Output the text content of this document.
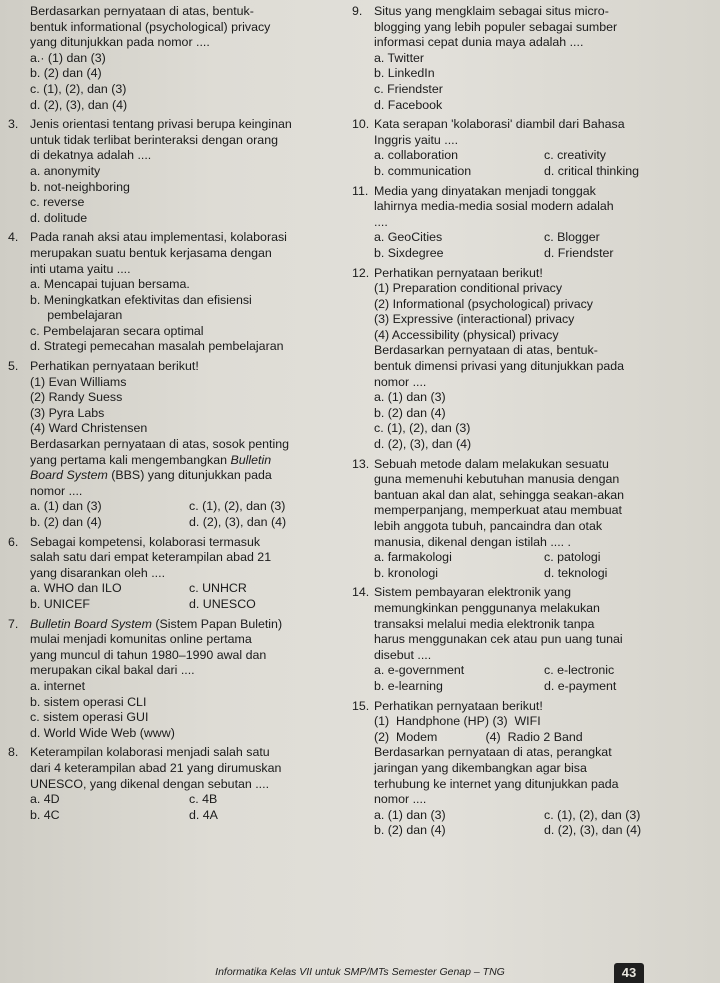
Berdasarkan pernyataan di atas, bentuk-
bentuk informational (psychological) privacy
yang ditunjukkan pada nomor ....
a.· (1) dan (3)
b. (2) dan (4)
c. (1), (2), dan (3)
d. (2), (3), dan (4)
3. Jenis orientasi tentang privasi berupa keinginan
untuk tidak terlibat berinteraksi dengan orang
di dekatnya adalah ....
a. anonymity
b. not-neighboring
c. reverse
d. dolitude
4. Pada ranah aksi atau implementasi, kolaborasi
merupakan suatu bentuk kerjasama dengan
inti utama yaitu ....
a. Mencapai tujuan bersama.
b. Meningkatkan efektivitas dan efisiensi
pembelajaran
c. Pembelajaran secara optimal
d. Strategi pemecahan masalah pembelajaran
5. Perhatikan pernyataan berikut!
(1) Evan Williams
(2) Randy Suess
(3) Pyra Labs
(4) Ward Christensen
Berdasarkan pernyataan di atas, sosok penting
yang pertama kali mengembangkan Bulletin
Board System (BBS) yang ditunjukkan pada
nomor ....
a. (1) dan (3)	c. (1), (2), dan (3)
b. (2) dan (4)	d. (2), (3), dan (4)
6. Sebagai kompetensi, kolaborasi termasuk
salah satu dari empat keterampilan abad 21
yang disarankan oleh ....
a. WHO dan ILO	c. UNHCR
b. UNICEF	d. UNESCO
7. Bulletin Board System (Sistem Papan Buletin)
mulai menjadi komunitas online pertama
yang muncul di tahun 1980–1990 awal dan
merupakan cikal bakal dari ....
a. internet
b. sistem operasi CLI
c. sistem operasi GUI
d. World Wide Web (www)
8. Keterampilan kolaborasi menjadi salah satu
dari 4 keterampilan abad 21 yang dirumuskan
UNESCO, yang dikenal dengan sebutan ....
a. 4D	c. 4B
b. 4C	d. 4A
9. Situs yang mengklaim sebagai situs micro-
blogging yang lebih populer sebagai sumber
informasi cepat dunia maya adalah ....
a. Twitter
b. LinkedIn
c. Friendster
d. Facebook
10. Kata serapan 'kolaborasi' diambil dari Bahasa
Inggris yaitu ....
a. collaboration	c. creativity
b. communication	d. critical thinking
11. Media yang dinyatakan menjadi tonggak
lahirnya media-media sosial modern adalah
....
a. GeoCities	c. Blogger
b. Sixdegree	d. Friendster
12. Perhatikan pernyataan berikut!
(1) Preparation conditional privacy
(2) Informational (psychological) privacy
(3) Expressive (interactional) privacy
(4) Accessibility (physical) privacy
Berdasarkan pernyataan di atas, bentuk-
bentuk dimensi privasi yang ditunjukkan pada
nomor ....
a. (1) dan (3)
b. (2) dan (4)
c. (1), (2), dan (3)
d. (2), (3), dan (4)
13. Sebuah metode dalam melakukan sesuatu
guna memenuhi kebutuhan manusia dengan
bantuan akal dan alat, sehingga seakan-akan
memperpanjang, memperkuat atau membuat
lebih anggota tubuh, pancaindra dan otak
manusia, dikenal dengan istilah .... .
a. farmakologi	c. patologi
b. kronologi	d. teknologi
14. Sistem pembayaran elektronik yang
memungkinkan penggunanya melakukan
transaksi melalui media elektronik tanpa
harus menggunakan cek atau pun uang tunai
disebut ....
a. e-government	c. e-lectronic
b. e-learning	d. e-payment
15. Perhatikan pernyataan berikut!
(1)  Handphone (HP) (3)  WIFI
(2)  Modem              (4)  Radio 2 Band
Berdasarkan pernyataan di atas, perangkat
jaringan yang dikembangkan agar bisa
terhubung ke internet yang ditunjukkan pada
nomor ....
a. (1) dan (3)	c. (1), (2), dan (3)
b. (2) dan (4)	d. (2), (3), dan (4)
Informatika Kelas VII untuk SMP/MTs Semester Genap – TNG	43
